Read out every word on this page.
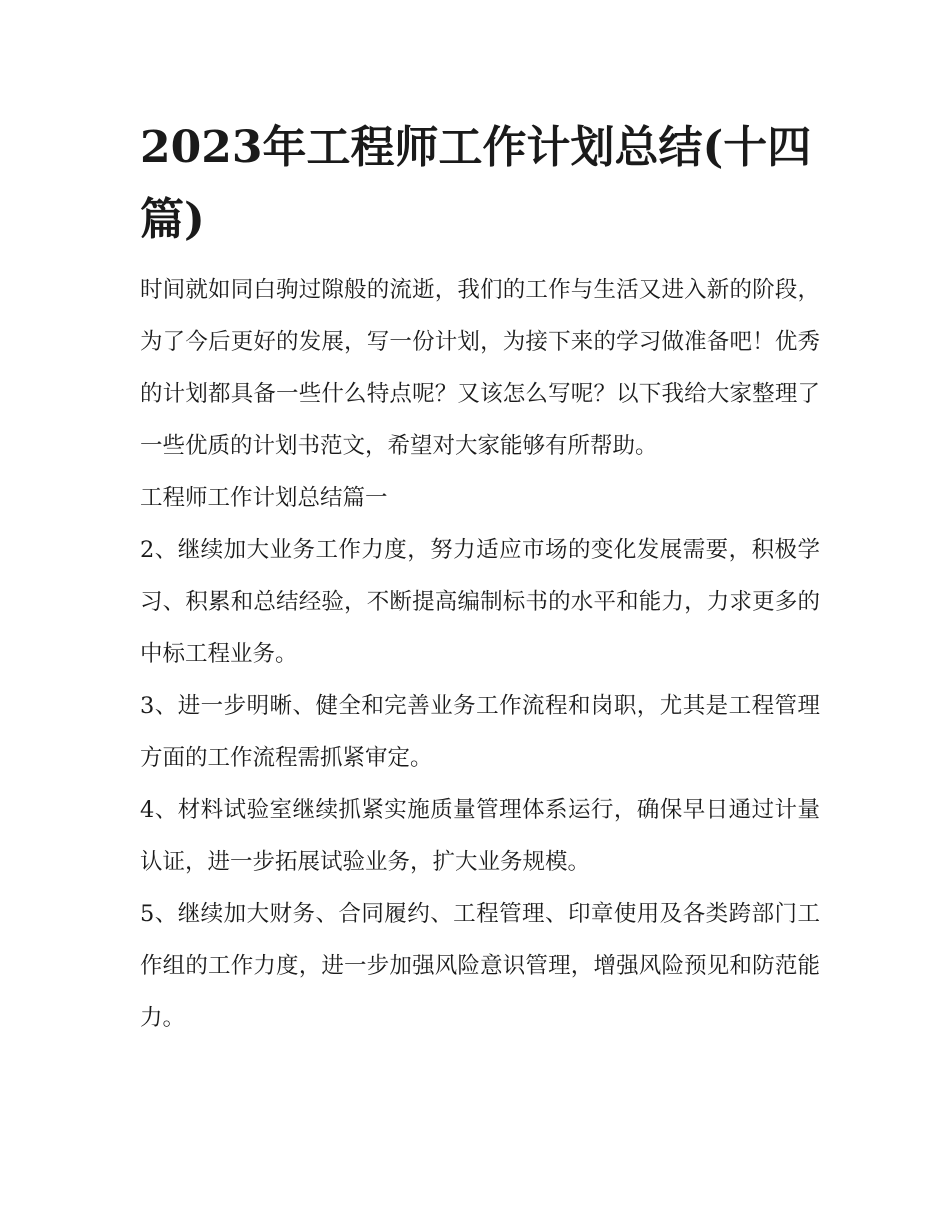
2023年工程师工作计划总结(十四篇)

时间就如同白驹过隙般的流逝，我们的工作与生活又进入新的阶段，为了今后更好的发展，写一份计划，为接下来的学习做准备吧！优秀的计划都具备一些什么特点呢？又该怎么写呢？以下我给大家整理了一些优质的计划书范文，希望对大家能够有所帮助。

工程师工作计划总结篇一

2、继续加大业务工作力度，努力适应市场的变化发展需要，积极学习、积累和总结经验，不断提高编制标书的水平和能力，力求更多的中标工程业务。

3、进一步明晰、健全和完善业务工作流程和岗职，尤其是工程管理方面的工作流程需抓紧审定。

4、材料试验室继续抓紧实施质量管理体系运行，确保早日通过计量认证，进一步拓展试验业务，扩大业务规模。

5、继续加大财务、合同履约、工程管理、印章使用及各类跨部门工作组的工作力度，进一步加强风险意识管理，增强风险预见和防范能力。
